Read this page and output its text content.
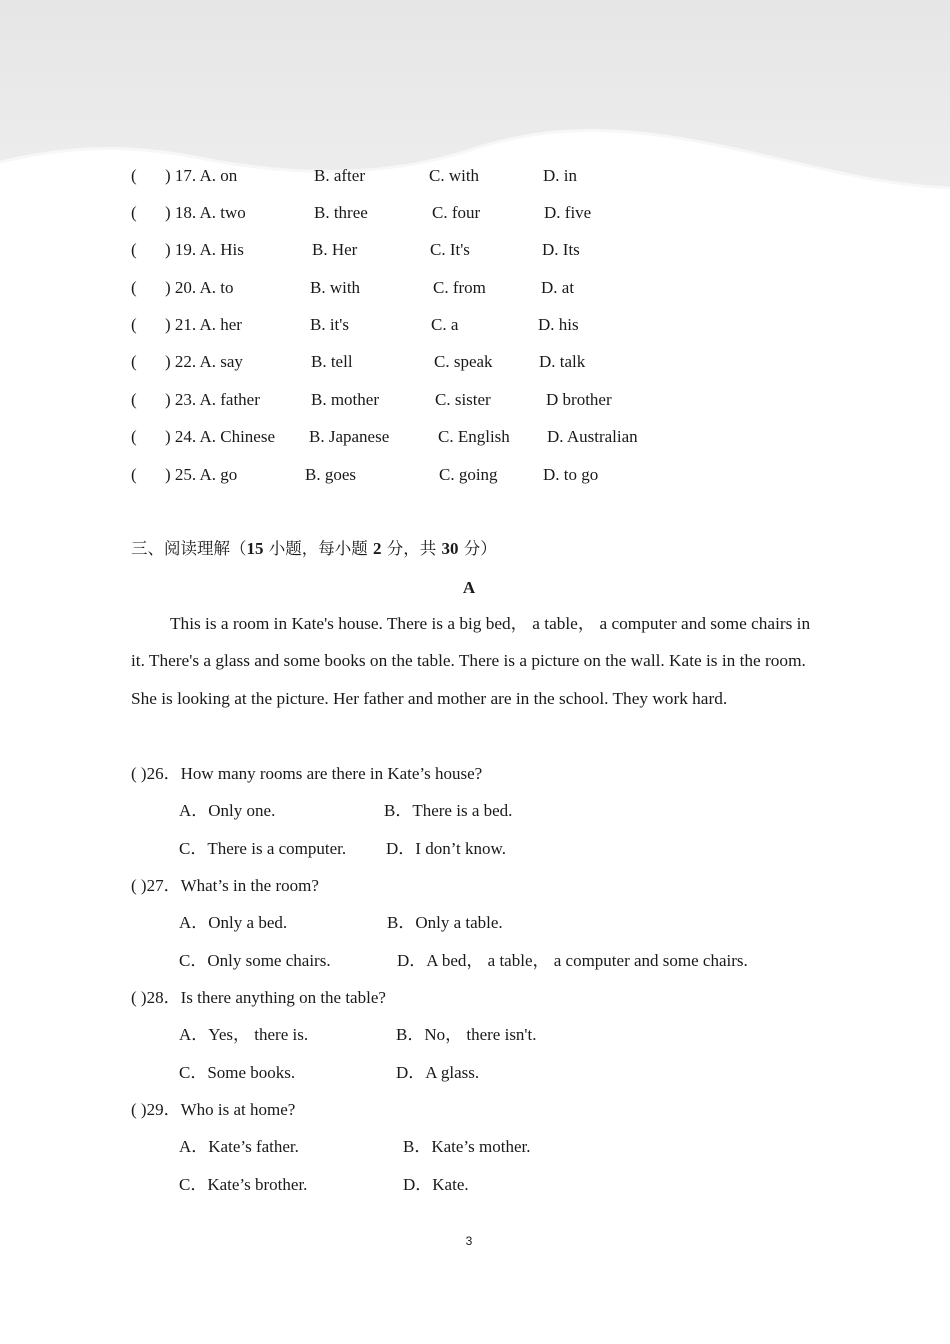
( ) 17. A. on	B. after	C. with	D. in
( ) 18. A. two	B. three	C. four	D. five
( ) 19. A. His	B. Her	C. It's	D. Its
( ) 20. A. to	B. with	C. from	D. at
( ) 21. A. her	B. it's	C. a	D. his
( ) 22. A. say	B. tell	C. speak	D. talk
( ) 23. A. father	B. mother	C. sister	D brother
( ) 24. A. Chinese B. Japanese	C. English D. Australian
( ) 25. A. go	B. goes	C. going	D. to go
三、阅读理解（15 小题，每小题 2 分，共 30 分）
A
This is a room in Kate's house. There is a big bed， a table， a computer and some chairs in it. There's a glass and some books on the table. There is a picture on the wall. Kate is in the room. She is looking at the picture. Her father and mother are in the school. They work hard.
( )26．How many rooms are there in Kate’s house?
A．Only one.	B．There is a bed.
C．There is a computer. D．I don’t know.
( )27．What’s in the room?
A．Only a bed.	B．Only a table.
C．Only some chairs.	D．A bed， a table， a computer and some chairs.
( )28．Is there anything on the table?
A．Yes， there is.	B．No， there isn't.
C．Some books.	D．A glass.
( )29．Who is at home?
A．Kate’s father.	B．Kate’s mother.
C．Kate’s brother.	D．Kate.
3
